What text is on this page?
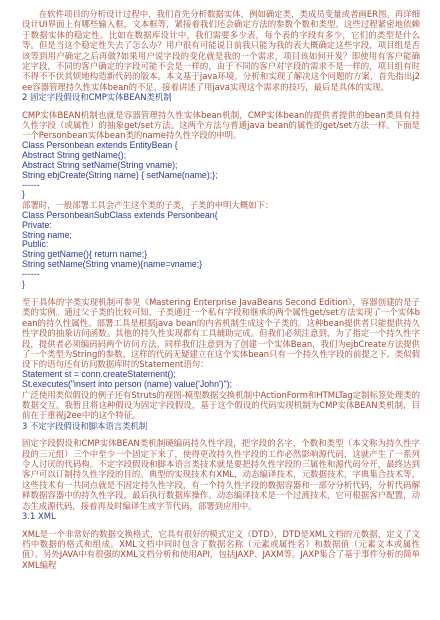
在软件项目的分析设计过程中，我们首先分析数据实体，例如确定类，类成员变量或者画ER图。再详细设计UI界面上有哪些输入框，文本框等，紧接着我们还会确定方法的参数个数和类型。这些过程紧密地依赖于数据实体的稳定性。比如在数据库设计中，我们需要多少表，每个表的字段有多少，它们的类型是什么等。但是当这个稳定性失去了怎么办？用户很有可能说日前我只能为我的表大概确定这些字段，项目组是否该等到用户确定之后再做?如果用户说字段的变化就是我的一个需求，项目该如何开发？即使用有客户能确定字段，不同的客户确定的字段可能不会是一样的，由于不同的客户对字段的需求不是一样的，项目组有时不得不不伏其烦地构造新代码的版本。本文基于java环境，分析和实现了解决这个问题的方案，首先指出j2ee容器管理持久性实体bean的不足，接着讲述了用java实现这个需求的技巧，最后是具体的实现。

2 固定字段假设和CMP实体BEAN类机制

CMP实体BEAN机制也就是容器管理持久性实体bean机制，CMP实体bean的提供者提供的bean类具有持久性字段（或属性）的抽象get/set方法。这两个方法与普通java bean的属性的get/set方法一样。下面是一个Personbean实体bean类的name持久性字段的申明。

Class Personbean extends EntityBean {
Abstract String getName();
Abstract String setName(String vname);
String ebjCreate(String name) { setName(name);};
------
}

部署时，一般部署工具会产生这个类的子类，子类的申明大概如下：

Class PersonbeanSubClass extends Personbean{
Private:
String name;
Public:
String getName(){ return name;}
String setName(String vname){name=vname;}
------
}

至于具体的字类实现机制可参见《Mastering Enterprise JavaBeans Second Edition》，容器创建的是子类的实例。通过父子类的比较可知，子类通过一个私有字段和继承的两个属性get/set方法实现了一个实体bean的持久性属性。部署工具是根据java bean的内省机制生成这个子类的。这种bean提供者只能提供持久性字段的抽象访问函数。其他的持久性实现都有工具辅助完成。但我们必须注意到，为了指定一个持久性字段，提供者必须编码码两个访问方法。同样我们注意到为了创建一个实体Bean，我们为ejbCreate方法提供了一个类型为String的参数。这样的代码无疑建立在这个实体bean只有一个持久性字段的前提之下。类似假设下的语句还有访问数据库时的Statement语句：

Statement st = conn.createStatement();
St.executes("insert into person (name) value('John')");

广泛使用类似假设的例子还有Struts的视图-模型数据交换机制中ActionForm和HTMLTag定制标签处理类的数据交互。我暂且将这种假设为固定字段假设，基于这个假设的代码实现机制为CMP实体BEAN类机制，目前在于重视j2ee中的这个特征。

3 不定字段假设和脚本语言类机制

固定字段假设和CMP实体BEAN类机制硬编码持久性字段，把字段的名字，个数和类型（本文称为持久性字段的三元组）三个中至少一个固定下来了，使得更改持久性字段的工作必然影响源代码，这就产生了一系列令人讨厌的代码构。不定字段假设和脚本语言类技术就是要把持久性字段的三属性和源代码分开，最终达到客户可以订制持久性字段的目的。典型的实现技术有XML，动态编译技术，元数据技术，字典集合技术等，这些技术有一共同点就是不固定持久性字段，有一个持久性字段的数据容器和一部分分析代码，分析代码解释数据容器中的持久性字段，最后执行数据库操作。动态编译技术是一个过渡技术，它可根据客户配置，动态生成源代码，接着再及时编译生成字节代码，部署到应用中。

3.1 XML

XML是一个非常好的数据交换格式，它具有很好的模式定义（DTD），DTD是XML文档的元数据，定义了文档中数据的格式和组成。XML文档中同时包含了数据名称（元素或属性名）和数据值（元素文本或属性值）。另外JAVA中有很强的XML文档分析和使用API，包括JAXP、JAXM等。JAXP集合了基于事件分析的简单XML编程
